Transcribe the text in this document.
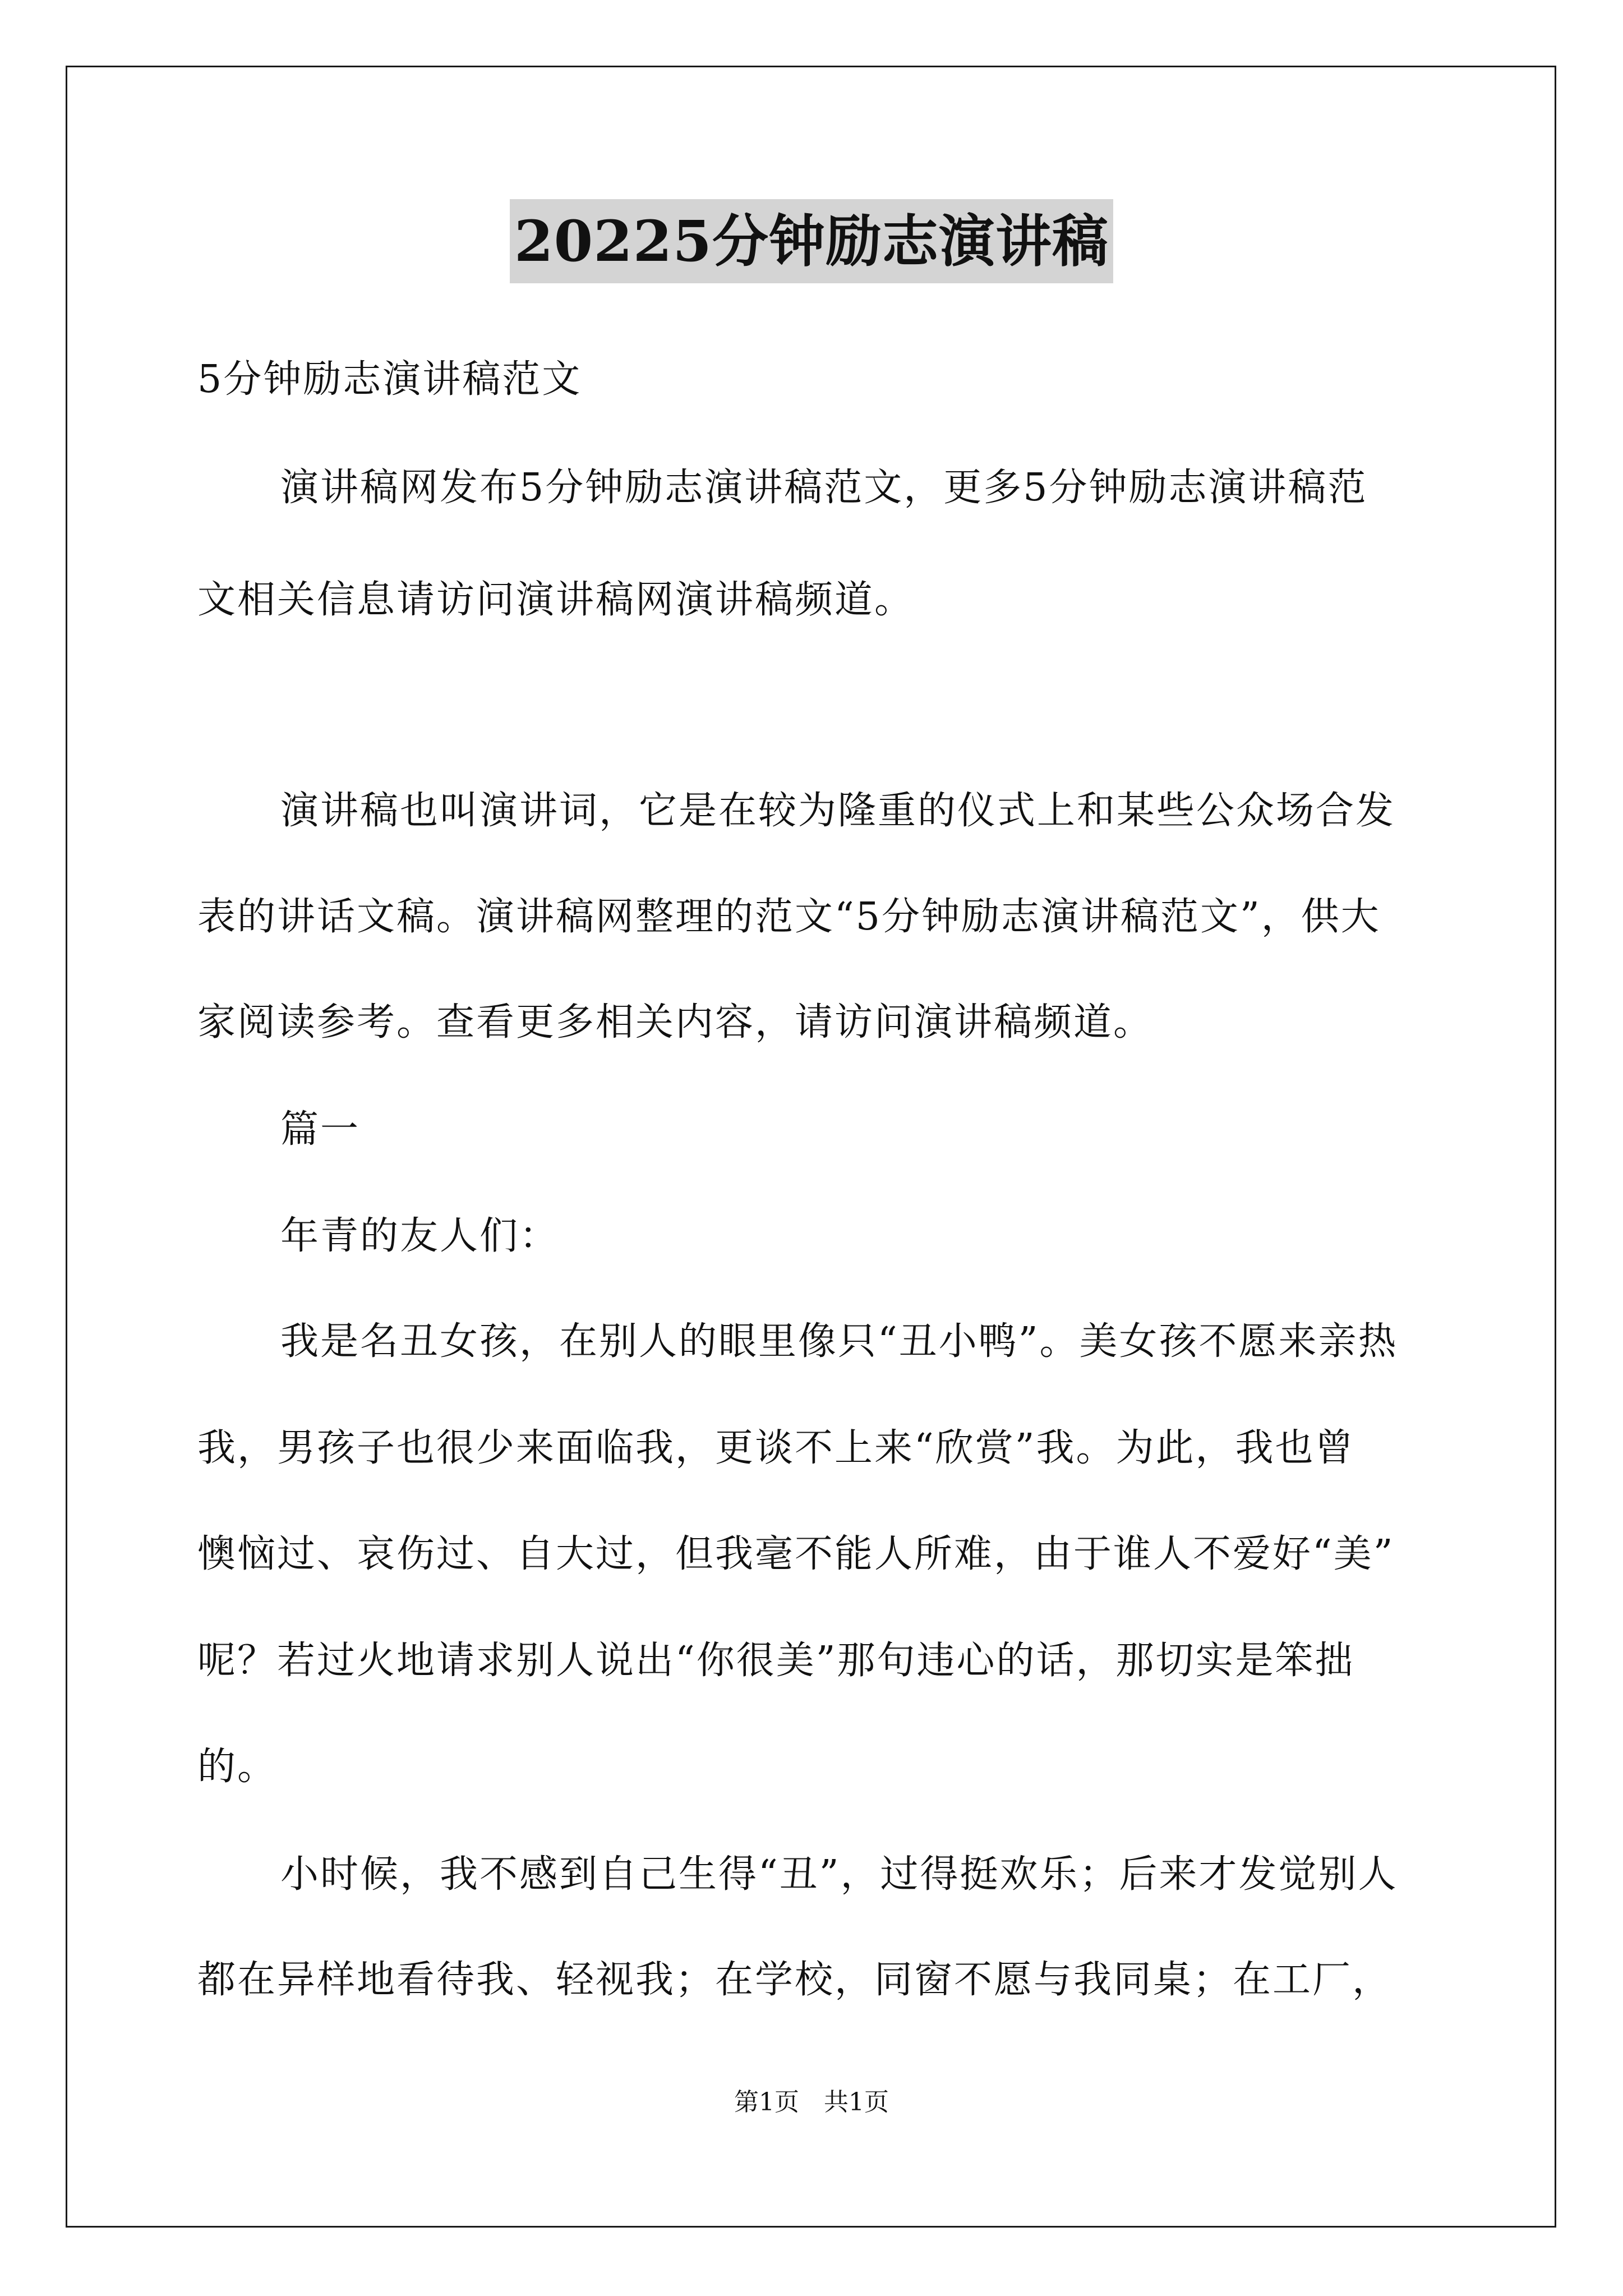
20225分钟励志演讲稿
5分钟励志演讲稿范文
演讲稿网发布5分钟励志演讲稿范文，更多5分钟励志演讲稿范
文相关信息请访问演讲稿网演讲稿频道。
演讲稿也叫演讲词，它是在较为隆重的仪式上和某些公众场合发
表的讲话文稿。演讲稿网整理的范文“5分钟励志演讲稿范文”，供大
家阅读参考。查看更多相关内容，请访问演讲稿频道。
篇一
年青的友人们：
我是名丑女孩，在别人的眼里像只“丑小鸭”。美女孩不愿来亲热
我，男孩子也很少来面临我，更谈不上来“欣赏”我。为此，我也曾
懊恼过、哀伤过、自大过，但我毫不能人所难，由于谁人不爱好“美”
呢？若过火地请求别人说出“你很美”那句违心的话，那切实是笨拙
的。
小时候，我不感到自己生得“丑”，过得挺欢乐；后来才发觉别人
都在异样地看待我、轻视我；在学校，同窗不愿与我同桌；在工厂，
第1页　共1页
